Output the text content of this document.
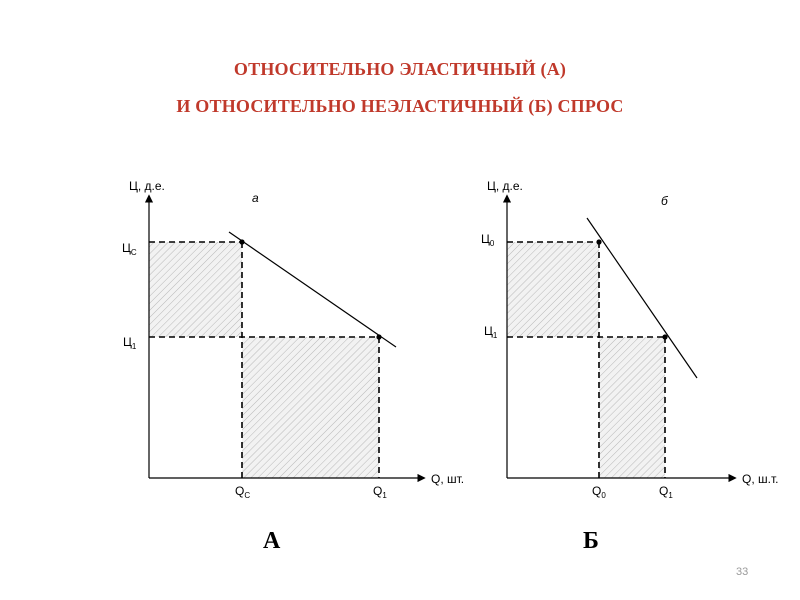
ОТНОСИТЕЛЬНО ЭЛАСТИЧНЫЙ (А)
И ОТНОСИТЕЛЬНО НЕЭЛАСТИЧНЫЙ (Б) СПРОС
Ц, д.е.
Q, шт.
а
$Ц_С$
$Ц_1$
$Q_С$	$Q_1$
Ц, д.е.
Q, ш.т.
б
$Ц_0$
$Ц_1$
$Q_0$	$Q_1$
А	Б
33
